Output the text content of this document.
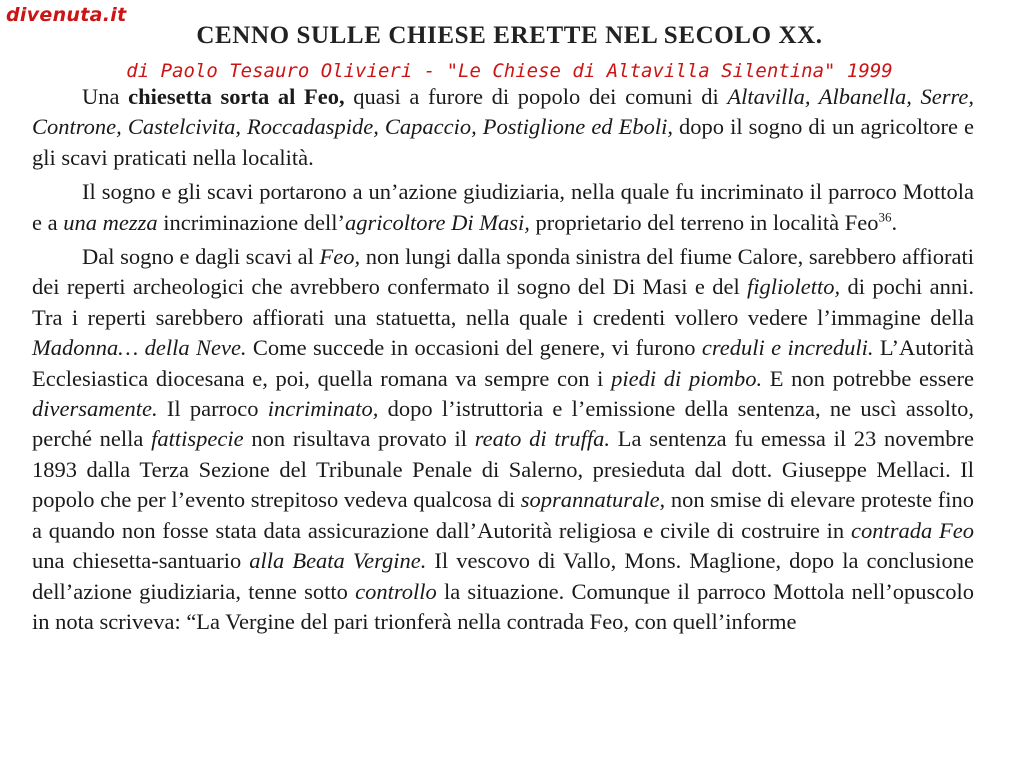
divenuta.it
CENNO SULLE CHIESE ERETTE NEL SECOLO XX.
di Paolo Tesauro Olivieri - "Le Chiese di Altavilla Silentina" 1999

Una chiesetta sorta al Feo, quasi a furore di popolo dei comuni di Altavilla, Albanella, Serre, Controne, Castelcivita, Roccadaspide, Capaccio, Postiglione ed Eboli, dopo il sogno di un agricoltore e gli scavi praticati nella località.

Il sogno e gli scavi portarono a un’azione giudiziaria, nella quale fu incriminato il parroco Mottola e a una mezza incriminazione dell’agricoltore Di Masi, proprietario del terreno in località Feo$^{36}$.

Dal sogno e dagli scavi al Feo, non lungi dalla sponda sinistra del fiume Calore, sarebbero affiorati dei reperti archeologici che avrebbero confermato il sogno del Di Masi e del figlioletto, di pochi anni. Tra i reperti sarebbero affiorati una statuetta, nella quale i credenti vollero vedere l’immagine della Madonna… della Neve. Come succede in occasioni del genere, vi furono creduli e increduli. L’Autorità Ecclesiastica diocesana e, poi, quella romana va sempre con i piedi di piombo. E non potrebbe essere diversamente. Il parroco incriminato, dopo l’istruttoria e l’emissione della sentenza, ne uscì assolto, perché nella fattispecie non risultava provato il reato di truffa. La sentenza fu emessa il 23 novembre 1893 dalla Terza Sezione del Tribunale Penale di Salerno, presieduta dal dott. Giuseppe Mellaci. Il popolo che per l’evento strepitoso vedeva qualcosa di soprannaturale, non smise di elevare proteste fino a quando non fosse stata data assicurazione dall’Autorità religiosa e civile di costruire in contrada Feo una chiesetta-santuario alla Beata Vergine. Il vescovo di Vallo, Mons. Maglione, dopo la conclusione dell’azione giudiziaria, tenne sotto controllo la situazione. Comunque il parroco Mottola nell’opuscolo in nota scriveva: “La Vergine del pari trionferà nella contrada Feo, con quell’informe
